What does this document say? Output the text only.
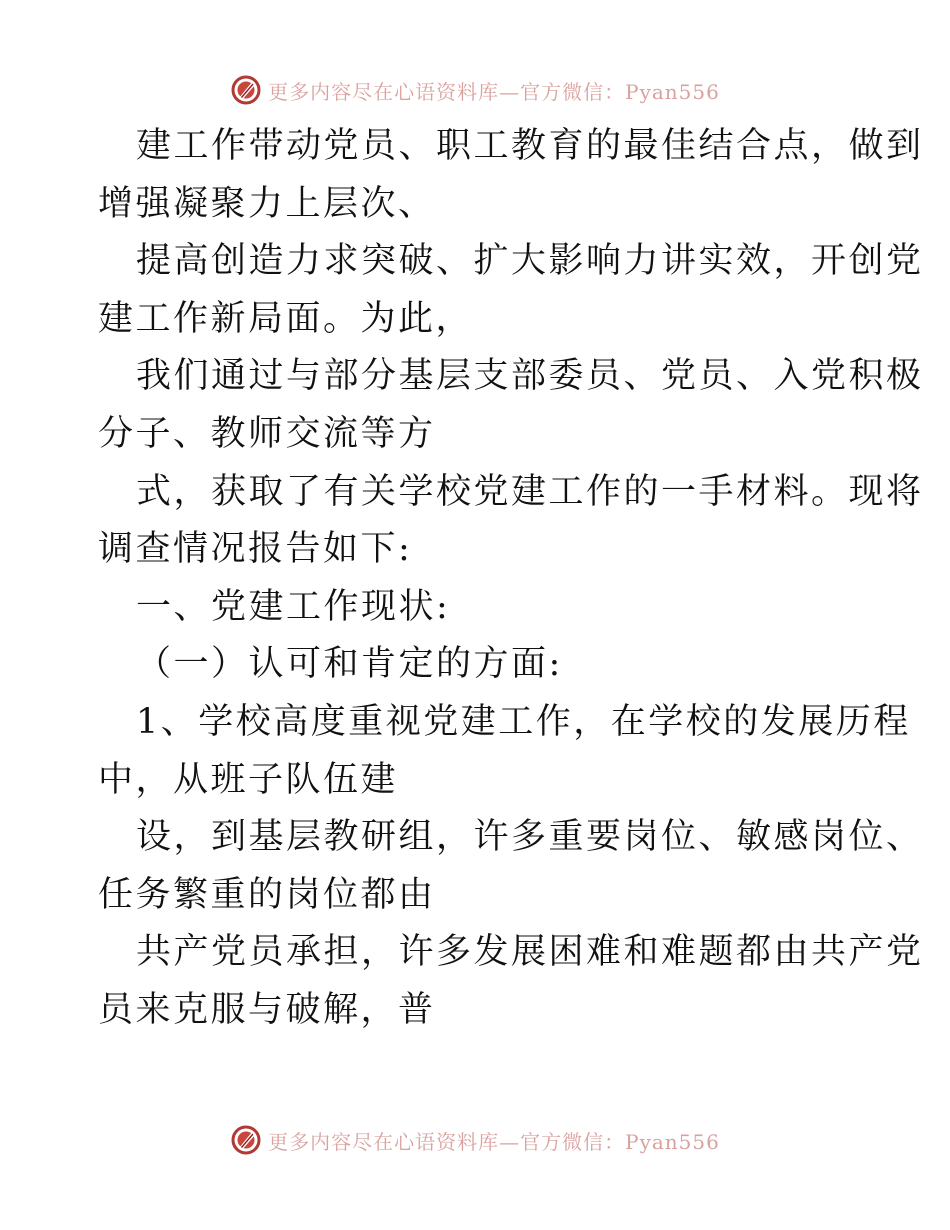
更多内容尽在心语资料库—官方微信：Pyan556
建工作带动党员、职工教育的最佳结合点，做到
增强凝聚力上层次、
提高创造力求突破、扩大影响力讲实效，开创党
建工作新局面。为此，
我们通过与部分基层支部委员、党员、入党积极
分子、教师交流等方
式，获取了有关学校党建工作的一手材料。现将
调查情况报告如下:
一、党建工作现状:
（一）认可和肯定的方面:
1、学校高度重视党建工作，在学校的发展历程
中，从班子队伍建
设，到基层教研组，许多重要岗位、敏感岗位、
任务繁重的岗位都由
共产党员承担，许多发展困难和难题都由共产党
员来克服与破解，普
更多内容尽在心语资料库—官方微信：Pyan556
